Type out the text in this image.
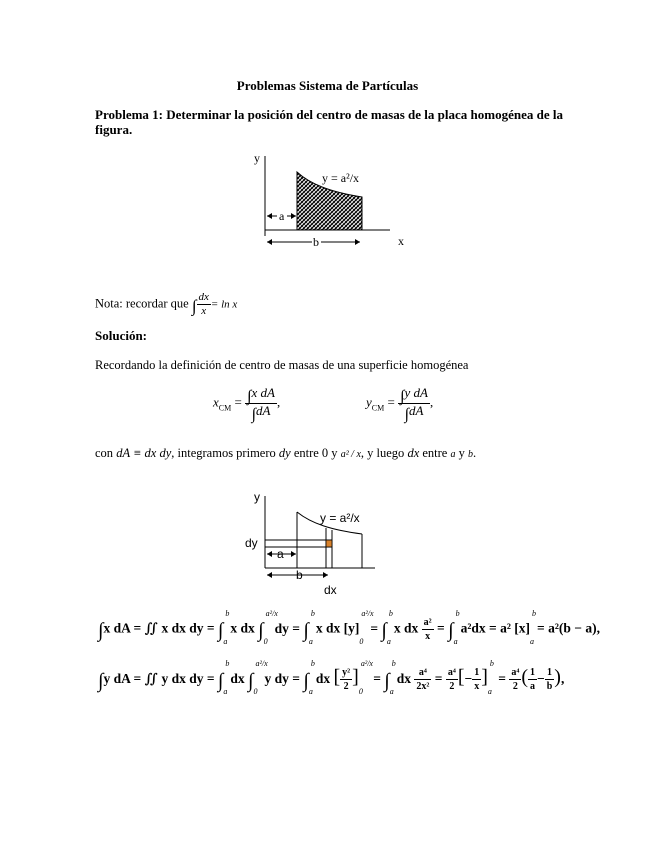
Problemas Sistema de Partículas
Problema 1: Determinar la posición del centro de masas de la placa homogénea de la figura.
y
x
y = a²/x
a
b
Nota: recordar que ∫ $\frac{dx}{x} = \ln x$
Solución:
Recordando la definición de centro de masas de una superficie homogénea
$x_{CM} = \frac{\text{∫x dA}}{\int dA}$ ,	$y_{CM} = \frac{\text{∫y dA}}{\int dA}$ ,
con dA ≡ dx dy, integramos primero dy entre 0 y a² / x, y luego dx entre a y b.
y
dx
y = a²/x
dy
a
b
∫x dA = ∬ x dx dy = ∫ a
b
x dx ∫ 0
a²/x
dy = ∫ a
b
x dx [y]
0
a²/x
= ∫ a
b
x dx $\frac{\text{a²}}{x}$ = ∫ a
b
a²dx = a² [x]
a
b
= a²(b − a),
∫y dA = ∬ y dx dy = ∫ a
b
dx ∫ 0
a²/x
y dy = ∫ a
b
dx [ $\frac{\text{y²}}{2}$ ]
0
a²/x
= ∫ a
b
dx $\frac{\text{a⁴}}{\text{2x²}} = \frac{\text{a⁴}}{2}$ [− $\frac{1}{x}$ ]
a
b
= $\frac{\text{a⁴}}{2}$ ( $\frac{1}{a} - \frac{1}{b}$ ),
